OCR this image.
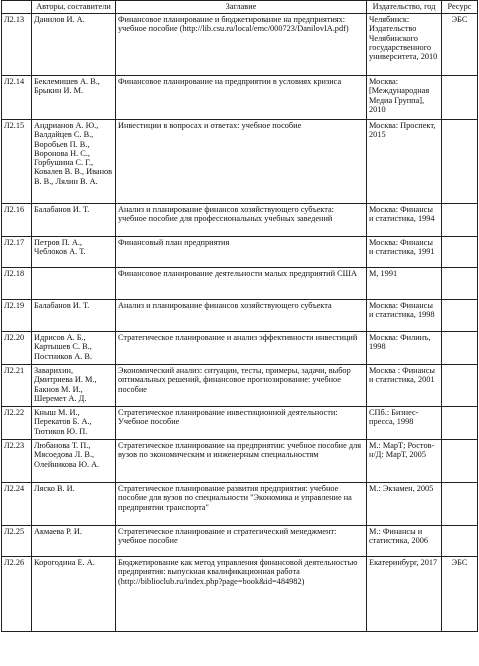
	Авторы, составители	Заглавие	Издательство, год	Ресурс
Л2.13	Данилов И. А.	Финансовое планирование и бюджетирование на предприятиях: учебное пособие (http://lib.csu.ru/local/emc/000723/DanilovIA.pdf)	Челябинск: Издательство Челябинского государственного университета, 2010	ЭБС
Л2.14	Беклемишев А. В., Брыкин И. М.	Финансовое планирование на предприятии в условиях кризиса	Москва: [Международная Медиа Группа], 2010	
Л2.15	Андрианов А. Ю., Валдайцев С. В., Воробьев П. В., Воронова Н. С., Горбушина С. Г., Ковалев В. В., Иванов В. В., Лялин В. А.	Инвестиции в вопросах и ответах: учебное пособие	Москва: Проспект, 2015	
Л2.16	Балабанов И. Т.	Анализ и планирование финансов хозяйствующего субъекта: учебное пособие для профессиональных учебных заведений	Москва: Финансы и статистика, 1994	
Л2.17	Петров П. А., Чеблоков А. Т.	Финансовый план предприятия	Москва: Финансы и статистика, 1991	
Л2.18		Финансовое планирование деятельности малых предприятий США	М, 1991	
Л2.19	Балабанов И. Т.	Анализ и планирование финансов хозяйствующего субъекта	Москва: Финансы и статистика, 1998	
Л2.20	Идрисов А. Б., Картышев С. В., Постников А. В.	Стратегическое планирование и анализ эффективности инвестиций	Москва: Филинъ, 1998	
Л2.21	Заварихин, Дмитриева И. М., Бакнов М. И., Шеремет А. Д.	Экономический анализ: ситуации, тесты, примеры, задачи, выбор оптимальных решений, финансовое прогнозирование: учебное пособие	Москва : Финансы и статистика, 2001	
Л2.22	Кныш М. И., Перекатов Б. А., Тютиков Ю. П.	Стратегическое планирование инвестиционной деятельности: Учебное пособие	СПб.: Бизнес-пресса, 1998	
Л2.23	Любанова Т. П., Мясоедова Л. В., Олейникова Ю. А.	Стратегическое планирование на предприятии: учебное пособие для вузов по экономическим и инженерным специальностям	М.: МарТ; Ростов-н/Д: МарТ, 2005	
Л2.24	Ляско В. И.	Стратегическое планирование развития предприятия: учебное пособие для вузов по специальности "Экономика и управление на предприятии транспорта"	М.: Экзамен, 2005	
Л2.25	Акмаева Р. И.	Стратегическое планирование и стратегический менеджмент: учебное пособие	М.: Финансы и статистика, 2006	
Л2.26	Корогодина Е. А.	Бюджетирование как метод управления финансовой деятельностью предприятия: выпускная квалификационная работа (http://biblioclub.ru/index.php?page=book&id=484982)	Екатеринбург, 2017	ЭБС
